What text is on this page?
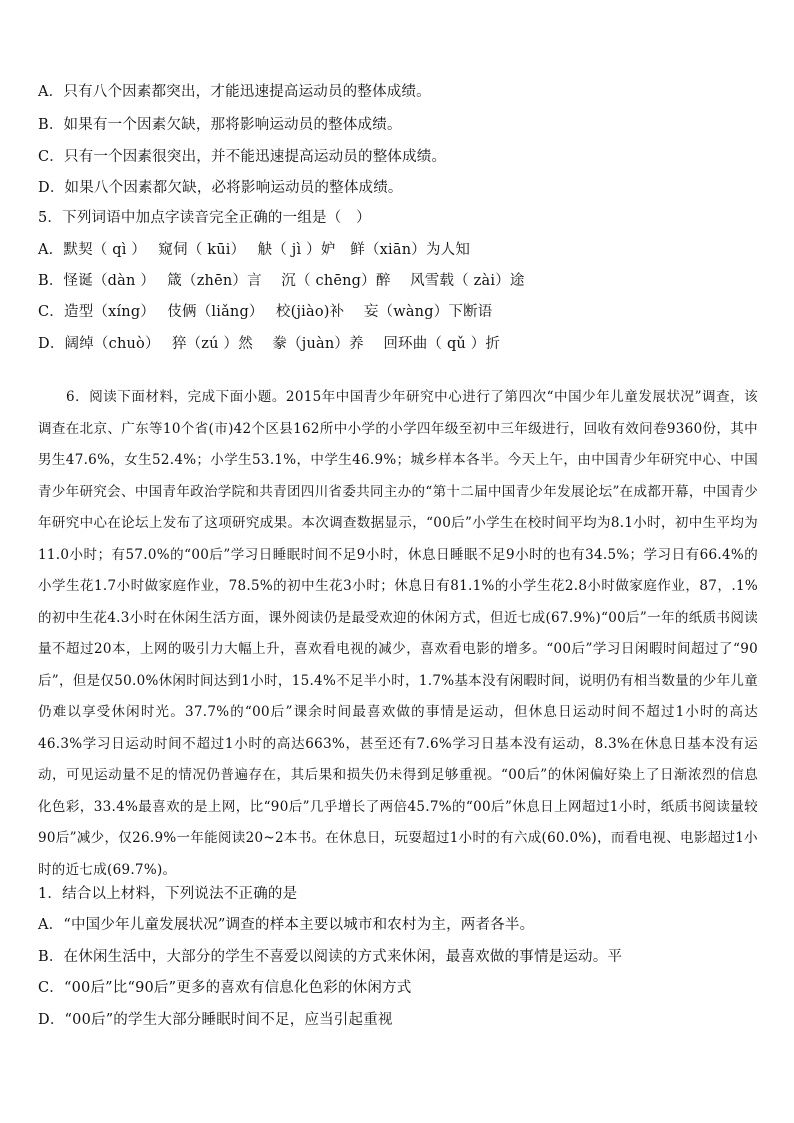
A．只有八个因素都突出，才能迅速提高运动员的整体成绩。
B．如果有一个因素欠缺，那将影响运动员的整体成绩。
C．只有一个因素很突出，并不能迅速提高运动员的整体成绩。
D．如果八个因素都欠缺，必将影响运动员的整体成绩。
5．下列词语中加点字读音完全正确的一组是（　）
A．默契（ qì ）　 窥伺（ kūi）　 觖（ jì ）妒　鲜（xiān）为人知
B．怪诞（dàn ）　 箴（zhēn）言　 沉（ chēng）醉　 风雪载（ zài）途
C．造型（xíng）　 伎俩（liǎng）　 校(jiào)补　 妄（wàng）下断语
D．阔绰（chuò）　 猝（zú ）然　 豢（juàn）养　 回环曲（ qǔ ）折
6．阅读下面材料，完成下面小题。2015年中国青少年研究中心进行了第四次“中国少年儿童发展状况”调查，该调查在北京、广东等10个省(市)42个区县162所中小学的小学四年级至初中三年级进行，回收有效问卷9360份，其中男生47.6%，女生52.4%；小学生53.1%，中学生46.9%；城乡样本各半。今天上午，由中国青少年研究中心、中国青少年研究会、中国青年政治学院和共青团四川省委共同主办的“第十二届中国青少年发展论坛”在成都开幕，中国青少年研究中心在论坛上发布了这项研究成果。本次调查数据显示，“00后”小学生在校时间平均为8.1小时，初中生平均为11.0小时；有57.0%的“00后”学习日睡眠时间不足9小时，休息日睡眠不足9小时的也有34.5%；学习日有66.4%的小学生花1.7小时做家庭作业，78.5%的初中生花3小时；休息日有81.1%的小学生花2.8小时做家庭作业，87，.1%的初中生花4.3小时在休闲生活方面，课外阅读仍是最受欢迎的休闲方式，但近七成(67.9%)“00后”一年的纸质书阅读量不超过20本，上网的吸引力大幅上升，喜欢看电视的减少，喜欢看电影的增多。“00后”学习日闲暇时间超过了“90后”，但是仅50.0%休闲时间达到1小时，15.4%不足半小时，1.7%基本没有闲暇时间，说明仍有相当数量的少年儿童仍难以享受休闲时光。37.7%的“00后”课余时间最喜欢做的事情是运动，但休息日运动时间不超过1小时的高达46.3%学习日运动时间不超过1小时的高达663%，甚至还有7.6%学习日基本没有运动，8.3%在休息日基本没有运动，可见运动量不足的情况仍普遍存在，其后果和损失仍未得到足够重视。“00后”的休闲偏好染上了日渐浓烈的信息化色彩，33.4%最喜欢的是上网，比“90后”几乎增长了两倍45.7%的“00后”休息日上网超过1小时，纸质书阅读量较90后”减少，仅26.9%一年能阅读20~2本书。在休息日，玩耍超过1小时的有六成(60.0%)，而看电视、电影超过1小时的近七成(69.7%)。
1．结合以上材料，下列说法不正确的是
A．“中国少年儿童发展状况”调查的样本主要以城市和农村为主，两者各半。
B．在休闲生活中，大部分的学生不喜爱以阅读的方式来休闲，最喜欢做的事情是运动。平
C．“00后”比“90后”更多的喜欢有信息化色彩的休闲方式
D．“00后”的学生大部分睡眠时间不足，应当引起重视
